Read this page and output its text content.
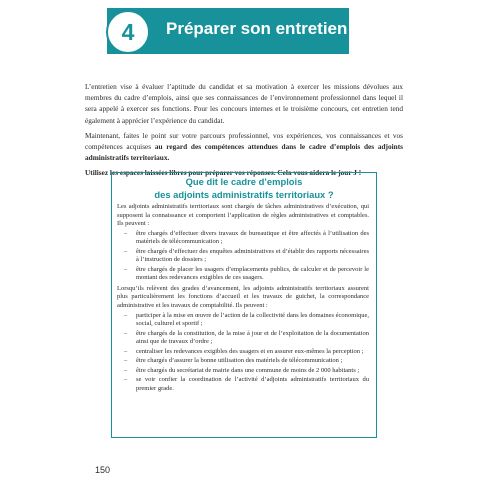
4	Préparer son entretien

L’entretien vise à évaluer l’aptitude du candidat et sa motivation à exercer les missions dévolues aux membres du cadre d’emplois, ainsi que ses connaissances de l’environnement professionnel dans lequel il sera appelé à exercer ses fonctions. Pour les concours internes et le troisième concours, cet entretien tend également à apprécier l’expérience du candidat.

Maintenant, faites le point sur votre parcours professionnel, vos expériences, vos connaissances et vos compétences acquises au regard des compétences attendues dans le cadre d’emplois des adjoints administratifs territoriaux.

Utilisez les espaces laissées libres pour préparer vos réponses. Cela vous aidera le jour J !

Que dit le cadre d’emplois
des adjoints administratifs territoriaux ?

Les adjoints administratifs territoriaux sont chargés de tâches administratives d’exécution, qui supposent la connaissance et comportent l’application de règles administratives et comptables. Ils peuvent :

– être chargés d’effectuer divers travaux de bureautique et être affectés à l’utilisation des matériels de télécommunication ;
– être chargés d’effectuer des enquêtes administratives et d’établir des rapports nécessaires à l’instruction de dossiers ;
– être chargés de placer les usagers d’emplacements publics, de calculer et de percevoir le montant des redevances exigibles de ces usagers.

Lorsqu’ils relèvent des grades d’avancement, les adjoints administratifs territoriaux assurent plus particulièrement les fonctions d’accueil et les travaux de guichet, la correspondance administrative et les travaux de comptabilité. Ils peuvent :

– participer à la mise en œuvre de l’action de la collectivité dans les domaines économique, social, culturel et sportif ;
– être chargés de la constitution, de la mise à jour et de l’exploitation de la documentation ainsi que de travaux d’ordre ;
– centraliser les redevances exigibles des usagers et en assurer eux-mêmes la perception ;
– être chargés d’assurer la bonne utilisation des matériels de télécommunication ;
– être chargés du secrétariat de mairie dans une commune de moins de 2 000 habitants ;
– se voir confier la coordination de l’activité d’adjoints administratifs territoriaux du premier grade.
150
